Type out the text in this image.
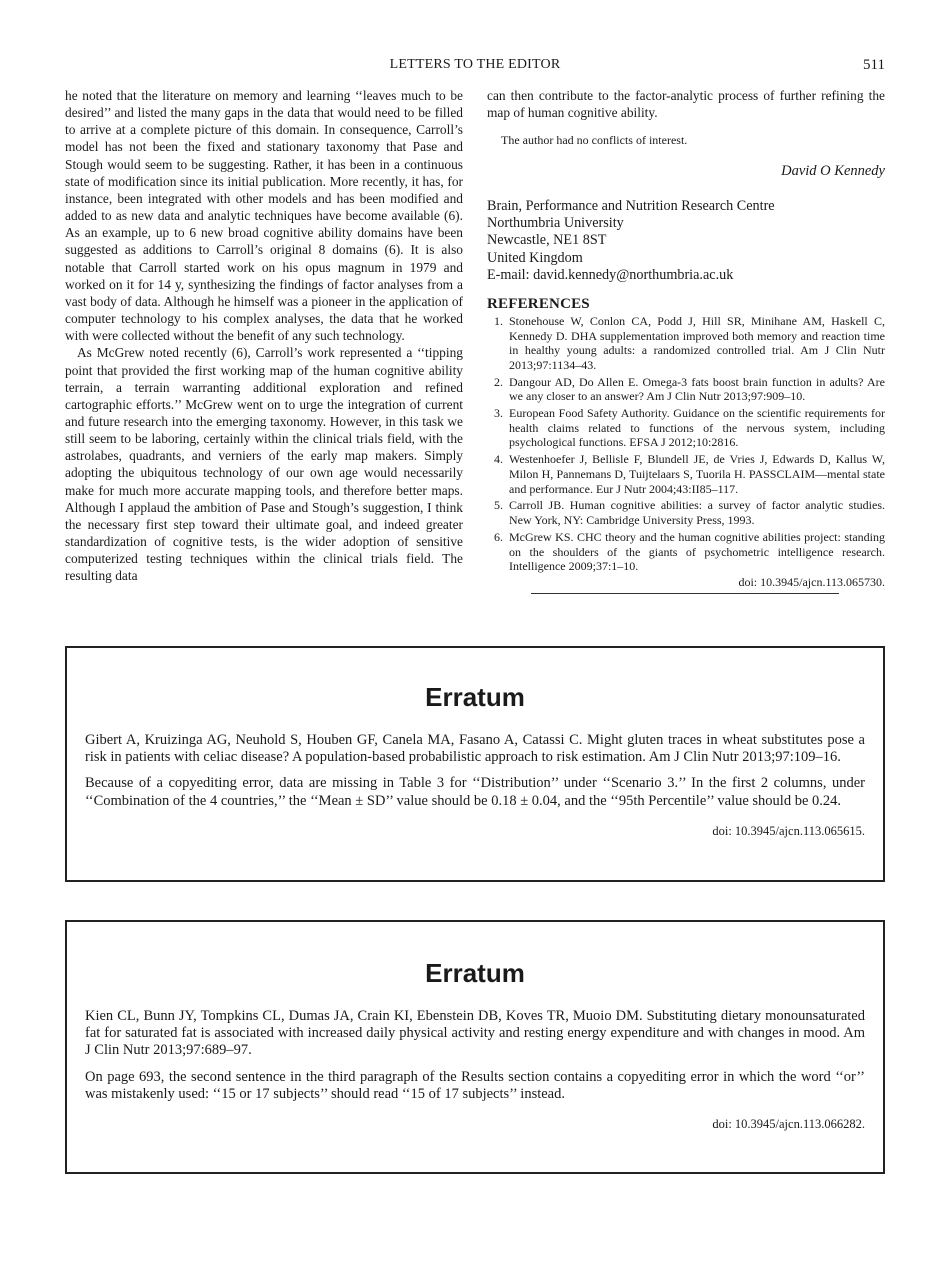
LETTERS TO THE EDITOR	511

he noted that the literature on memory and learning ‘‘leaves much to be desired’’ and listed the many gaps in the data that would need to be filled to arrive at a complete picture of this domain. In consequence, Carroll’s model has not been the fixed and stationary taxonomy that Pase and Stough would seem to be suggesting. Rather, it has been in a continuous state of modification since its initial publication. More recently, it has, for instance, been integrated with other models and has been modified and added to as new data and analytic techniques have become available (6). As an example, up to 6 new broad cognitive ability domains have been suggested as additions to Carroll’s original 8 domains (6). It is also notable that Carroll started work on his opus magnum in 1979 and worked on it for 14 y, synthesizing the findings of factor analyses from a vast body of data. Although he himself was a pioneer in the application of computer technology to his complex analyses, the data that he worked with were collected without the benefit of any such technology.

As McGrew noted recently (6), Carroll’s work represented a ‘‘tipping point that provided the first working map of the human cognitive ability terrain, a terrain warranting additional exploration and refined cartographic efforts.’’ McGrew went on to urge the integration of current and future research into the emerging taxonomy. However, in this task we still seem to be laboring, certainly within the clinical trials field, with the astrolabes, quadrants, and verniers of the early map makers. Simply adopting the ubiquitous technology of our own age would necessarily make for much more accurate mapping tools, and therefore better maps. Although I applaud the ambition of Pase and Stough’s suggestion, I think the necessary first step toward their ultimate goal, and indeed greater standardization of cognitive tests, is the wider adoption of sensitive computerized testing techniques within the clinical trials field. The resulting data

can then contribute to the factor-analytic process of further refining the map of human cognitive ability.

The author had no conflicts of interest.

David O Kennedy

Brain, Performance and Nutrition Research Centre
Northumbria University
Newcastle, NE1 8ST
United Kingdom
E-mail: david.kennedy@northumbria.ac.uk
REFERENCES
1. Stonehouse W, Conlon CA, Podd J, Hill SR, Minihane AM, Haskell C, Kennedy D. DHA supplementation improved both memory and reaction time in healthy young adults: a randomized controlled trial. Am J Clin Nutr 2013;97:1134–43.
2. Dangour AD, Do Allen E. Omega-3 fats boost brain function in adults? Are we any closer to an answer? Am J Clin Nutr 2013;97:909–10.
3. European Food Safety Authority. Guidance on the scientific requirements for health claims related to functions of the nervous system, including psychological functions. EFSA J 2012;10:2816.
4. Westenhoefer J, Bellisle F, Blundell JE, de Vries J, Edwards D, Kallus W, Milon H, Pannemans D, Tuijtelaars S, Tuorila H. PASSCLAIM—mental state and performance. Eur J Nutr 2004;43:II85–117.
5. Carroll JB. Human cognitive abilities: a survey of factor analytic studies. New York, NY: Cambridge University Press, 1993.
6. McGrew KS. CHC theory and the human cognitive abilities project: standing on the shoulders of the giants of psychometric intelligence research. Intelligence 2009;37:1–10.
doi: 10.3945/ajcn.113.065730.
Erratum

Gibert A, Kruizinga AG, Neuhold S, Houben GF, Canela MA, Fasano A, Catassi C. Might gluten traces in wheat substitutes pose a risk in patients with celiac disease? A population-based probabilistic approach to risk estimation. Am J Clin Nutr 2013;97:109–16.

Because of a copyediting error, data are missing in Table 3 for ‘‘Distribution’’ under ‘‘Scenario 3.’’ In the first 2 columns, under ‘‘Combination of the 4 countries,’’ the ‘‘Mean ± SD’’ value should be 0.18 ± 0.04, and the ‘‘95th Percentile’’ value should be 0.24.

doi: 10.3945/ajcn.113.065615.

Erratum

Kien CL, Bunn JY, Tompkins CL, Dumas JA, Crain KI, Ebenstein DB, Koves TR, Muoio DM. Substituting dietary monounsaturated fat for saturated fat is associated with increased daily physical activity and resting energy expenditure and with changes in mood. Am J Clin Nutr 2013;97:689–97.

On page 693, the second sentence in the third paragraph of the Results section contains a copyediting error in which the word ‘‘or’’ was mistakenly used: ‘‘15 or 17 subjects’’ should read ‘‘15 of 17 subjects’’ instead.

doi: 10.3945/ajcn.113.066282.
